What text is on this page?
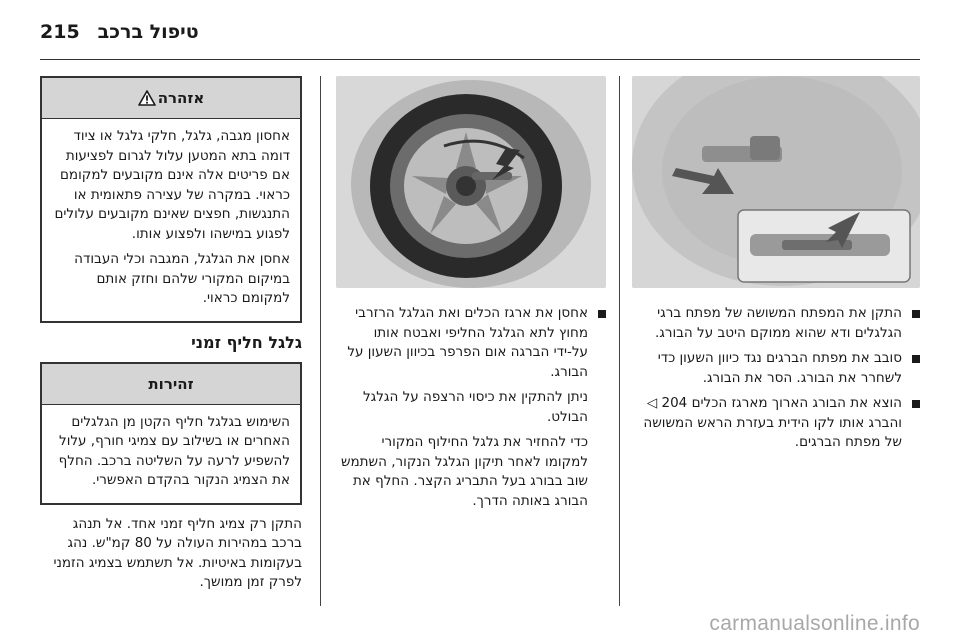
215 טיפול ברכב
התקן את המפתח המשושה של מפתח ברגי הגלגלים ודא שהוא ממוקם היטב על הבורג.
סובב את מפתח הברגים נגד כיוון השעון כדי לשחרר את הבורג. הסר את הבורג.
הוצא את הבורג הארוך מארגז הכלים 204 ◁ והברג אותו לקו הידית בעזרת הראש המשושה של מפתח הברגים.
אחסן את ארגז הכלים ואת הגלגל הרזרבי מחוץ לתא הגלגל החליפי ואבטח אותו על-ידי הברגה אום הפרפר בכיוון השעון על הבורג.
ניתן להתקין את כיסוי הרצפה על הגלגל הבולט.
כדי להחזיר את גלגל החילוף המקורי למקומו לאחר תיקון הגלגל הנקור, השתמש שוב בבורג בעל התבריג הקצר. החלף את הבורג באותה הדרך.
אזהרה
אחסון מגבה, גלגל, חלקי גלגל או ציוד דומה בתא המטען עלול לגרום לפציעות אם פריטים אלה אינם מקובעים למקומם כראוי. במקרה של עצירה פתאומית או התנגשות, חפצים שאינם מקובעים עלולים לפגוע במישהו ולפצוע אותו.
אחסן את הגלגל, המגבה וכלי העבודה במיקום המקורי שלהם וחזק אותם למקומם כראוי.
גלגל חליף זמני
זהירות
השימוש בגלגל חליף הקטן מן הגלגלים האחרים או בשילוב עם צמיגי חורף, עלול להשפיע לרעה על השליטה ברכב. החלף את הצמיג הנקור בהקדם האפשרי.
התקן רק צמיג חליף זמני אחד. אל תנהג ברכב במהירות העולה על 80 קמ"ש. נהג בעקומות באיטיות. אל תשתמש בצמיג הזמני לפרק זמן ממושך.
carmanualsonline.info
